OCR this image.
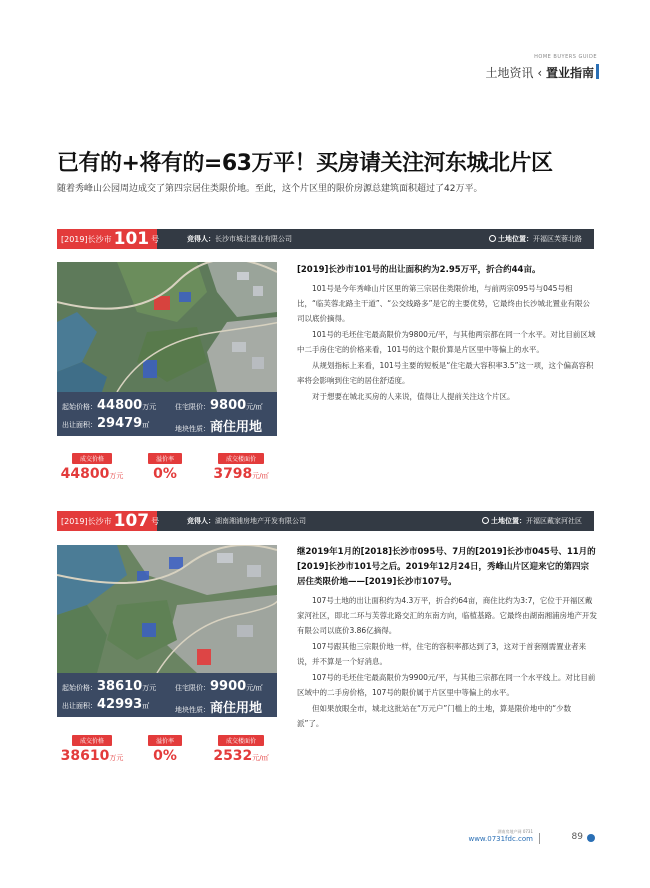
HOME BUYERS GUIDE
土地资讯 ‹ 置业指南
已有的+将有的=63万平！买房请关注河东城北片区
随着秀峰山公园周边成交了第四宗居住类限价地。至此，这个片区里的限价房源总建筑面积超过了42万平。
[2019]长沙市 101 号	竞得人：长沙市城北置业有限公司	土地位置：开福区芙蓉北路
起始价格：44800万元	住宅限价：9800元/㎡
出让面积：29479㎡	地块性质：商住用地
成交价格
44800万元
溢价率
0%
成交楼面价
3798元/㎡
[2019]长沙市101号的出让面积约为2.95万平，折合约44亩。

101号是今年秀峰山片区里的第三宗居住类限价地，与前两宗095号与045号相比，“临芙蓉北路主干道”、“公交线路多”是它的主要优势，它最终由长沙城北置业有限公司以底价摘得。

101号的毛坯住宅最高限价为9800元/平，与其他两宗都在同一个水平。对比目前区域中二手房住宅的价格来看，101号的这个限价算是片区里中等偏上的水平。

从规划指标上来看，101号主要的短板是“住宅最大容积率3.5”这一项，这个偏高容积率将会影响到住宅的居住舒适度。

对于想要在城北买房的人来说，值得让人提前关注这个片区。

[2019]长沙市 107 号	竞得人：湖南湘浦房地产开发有限公司	土地位置：开福区戴家河社区
起始价格：38610万元	住宅限价：9900元/㎡
出让面积：42993㎡	地块性质：商住用地
成交价格
38610万元
溢价率
0%
成交楼面价
2532元/㎡
继2019年1月的[2018]长沙市095号、7月的[2019]长沙市045号、11月的[2019]长沙市101号之后。2019年12月24日，秀峰山片区迎来它的第四宗居住类限价地——[2019]长沙市107号。

107号土地的出让面积约为4.3万平，折合约64亩，商住比约为3:7，它位于开福区戴家河社区，即北二环与芙蓉北路交汇的东南方向，临植基路。它最终由湖南湘浦房地产开发有限公司以底价3.86亿摘得。

107号跟其他三宗限价地一样，住宅的容积率都达到了3，这对于首套刚需置业者来说，并不算是一个好消息。

107号的毛坯住宅最高限价为9900元/平，与其他三宗都在同一个水平线上。对比目前区域中的二手房价格，107号的限价属于片区里中等偏上的水平。

但如果放眼全市，城北这批站在“万元户”门槛上的土地，算是限价地中的“少数派”了。

湖南房地产网 0731
www.0731fdc.com	89
